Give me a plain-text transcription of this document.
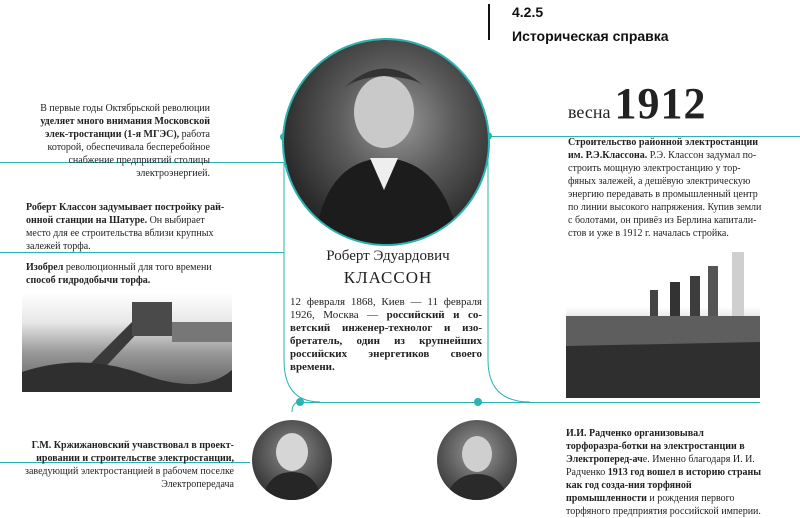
4.2.5
Историческая справка
весна 1912
Роберт Эдуардович
КЛАССОН
12 февраля 1868, Киев — 11 февраля 1926, Москва — российский и со-ветский инженер-технолог и изо-бретатель, один из крупнейших российских энергетиков своего времени.
В первые годы Октябрьской революции уделяет много внимания Московской элек-тростанции (1-я МГЭС), работа которой, обеспечивала бесперебойное снабжение предприятий столицы электроэнергией.
Роберт Классон задумывает постройку рай-онной станции на Шатуре. Он выбирает место для ее строительства вблизи крупных залежей торфа.
Изобрел революционный для того времени способ гидродобычи торфа.
Строительство районной электростанции им. Р.Э.Классона. Р.Э. Классон задумал по-строить мощную электростанцию у тор-фяных залежей, а дешёвую электрическую энергию передавать в промышленный центр по линии высокого напряжения. Купив земли с болотами, он привёз из Берлина капитали-стов и уже в 1912 г. началась стройка.
Г.М. Кржижановский учавствовал в проект-ировании и строительстве электростанции, заведующий электростанцией в рабочем поселке Электропередача
И.И. Радченко организовывал торфоразра-ботки на электростанции в Электроперед-аче. Именно благодаря И. И. Радченко 1913 год вошел в историю страны как год созда-ния торфяной промышленности и рождения первого торфяного предприятия российской империи.
